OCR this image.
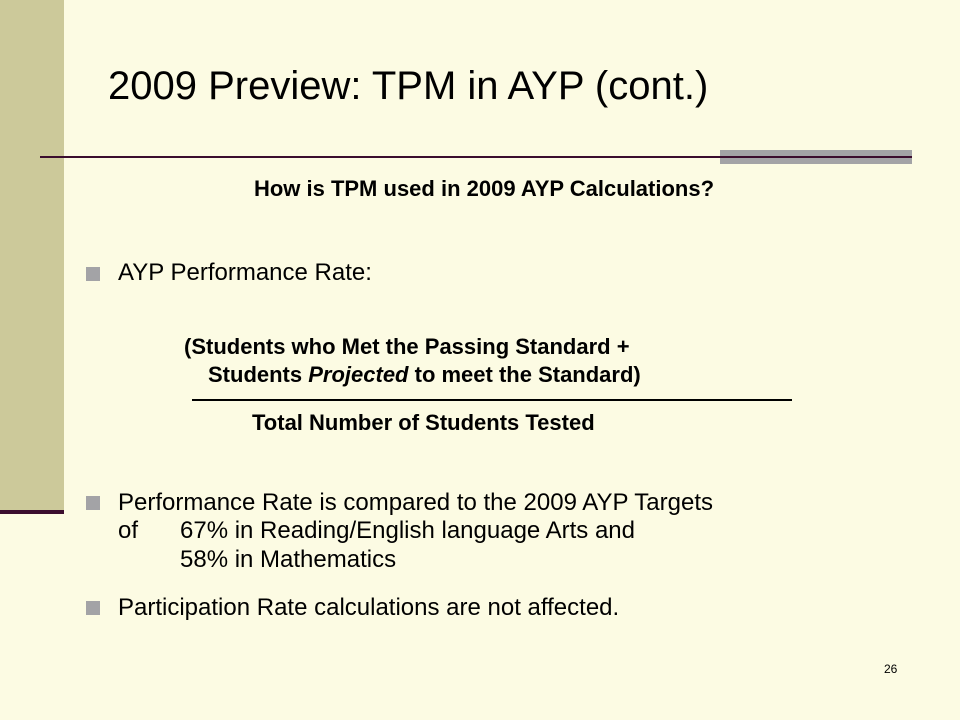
2009 Preview: TPM in AYP (cont.)
How is TPM used in 2009 AYP Calculations?
AYP Performance Rate:
(Students who Met the Passing Standard +
Students Projected to meet the Standard)
Total Number of Students Tested
Performance Rate is compared to the 2009 AYP Targets
of 67% in Reading/English language Arts and
58% in Mathematics
Participation Rate calculations are not affected.
26
